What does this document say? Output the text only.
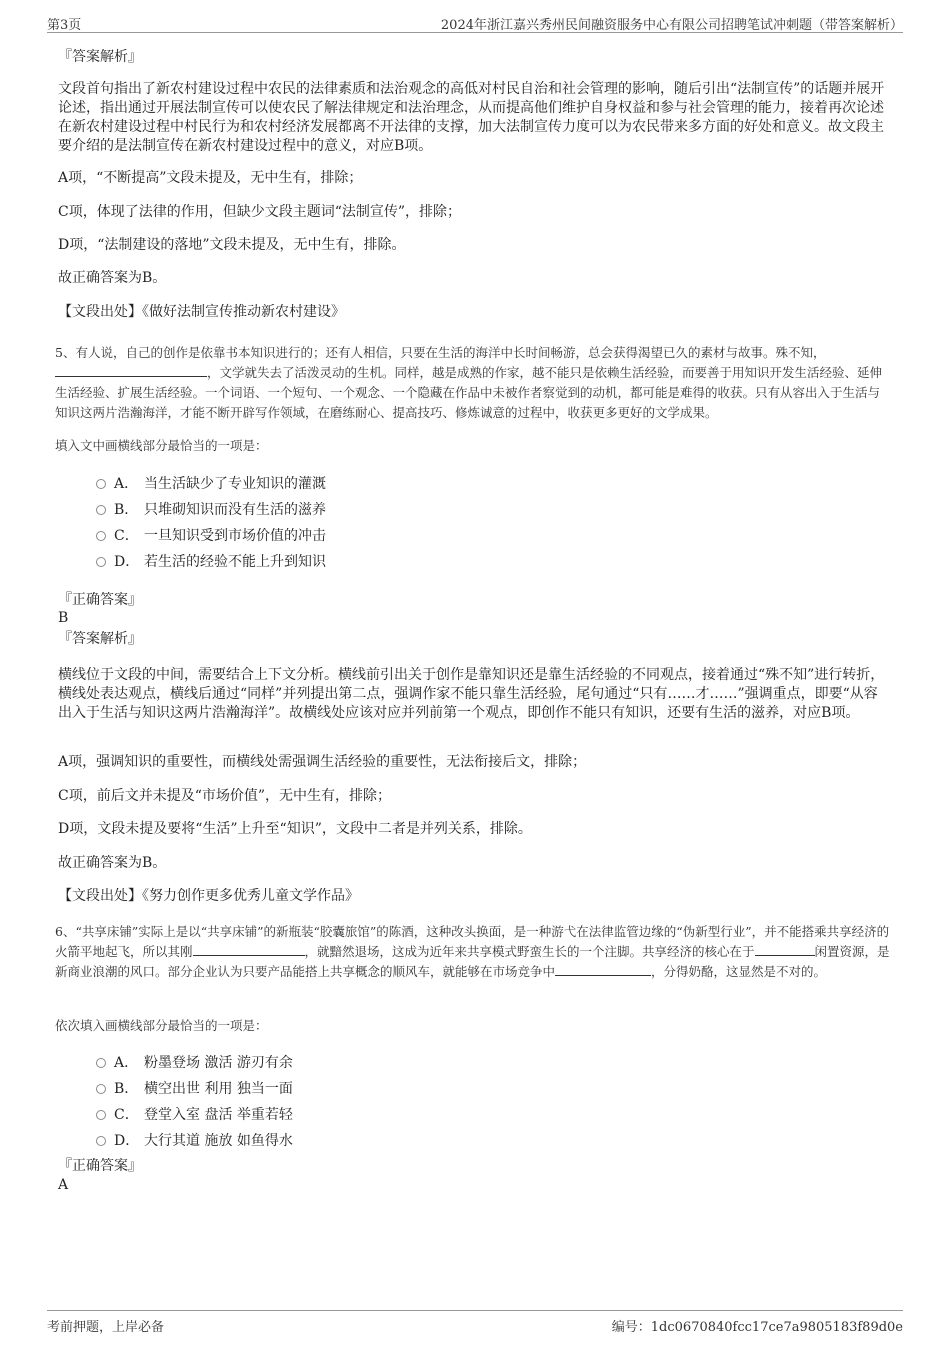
第3页	2024年浙江嘉兴秀州民间融资服务中心有限公司招聘笔试冲刺题（带答案解析）
『答案解析』
文段首句指出了新农村建设过程中农民的法律素质和法治观念的高低对村民自治和社会管理的影响，随后引出“法制宣传”的话题并展开论述，指出通过开展法制宣传可以使农民了解法律规定和法治理念，从而提高他们维护自身权益和参与社会管理的能力，接着再次论述在新农村建设过程中村民行为和农村经济发展都离不开法律的支撑，加大法制宣传力度可以为农民带来多方面的好处和意义。故文段主要介绍的是法制宣传在新农村建设过程中的意义，对应B项。
A项，“不断提高”文段未提及，无中生有，排除；
C项，体现了法律的作用，但缺少文段主题词“法制宣传”，排除；
D项，“法制建设的落地”文段未提及，无中生有，排除。
故正确答案为B。
【文段出处】《做好法制宣传推动新农村建设》
5、有人说，自己的创作是依靠书本知识进行的；还有人相信，只要在生活的海洋中长时间畅游，总会获得渴望已久的素材与故事。殊不知，，文学就失去了活泼灵动的生机。同样，越是成熟的作家，越不能只是依赖生活经验，而要善于用知识开发生活经验、延伸生活经验、扩展生活经验。一个词语、一个短句、一个观念、一个隐藏在作品中未被作者察觉到的动机，都可能是难得的收获。只有从容出入于生活与知识这两片浩瀚海洋，才能不断开辟写作领域，在磨练耐心、提高技巧、修炼诚意的过程中，收获更多更好的文学成果。
填入文中画横线部分最恰当的一项是：
A． 当生活缺少了专业知识的灌溉
B． 只堆砌知识而没有生活的滋养
C． 一旦知识受到市场价值的冲击
D． 若生活的经验不能上升到知识
『正确答案』
B
『答案解析』
横线位于文段的中间，需要结合上下文分析。横线前引出关于创作是靠知识还是靠生活经验的不同观点，接着通过“殊不知”进行转折，横线处表达观点，横线后通过“同样”并列提出第二点，强调作家不能只靠生活经验，尾句通过“只有……才……”强调重点，即要“从容出入于生活与知识这两片浩瀚海洋”。故横线处应该对应并列前第一个观点，即创作不能只有知识，还要有生活的滋养，对应B项。
A项，强调知识的重要性，而横线处需强调生活经验的重要性，无法衔接后文，排除；
C项，前后文并未提及“市场价值”，无中生有，排除；
D项，文段未提及要将“生活”上升至“知识”，文段中二者是并列关系，排除。
故正确答案为B。
【文段出处】《努力创作更多优秀儿童文学作品》
6、“共享床铺”实际上是以“共享床铺”的新瓶装“胶囊旅馆”的陈酒，这种改头换面，是一种游弋在法律监管边缘的“伪新型行业”，并不能搭乘共享经济的火箭平地起飞，所以其刚	，就黯然退场，这成为近年来共享模式野蛮生长的一个注脚。共享经济的核心在于	闲置资源，是新商业浪潮的风口。部分企业认为只要产品能搭上共享概念的顺风车，就能够在市场竞争中	，分得奶酪，这显然是不对的。
依次填入画横线部分最恰当的一项是：
A． 粉墨登场 激活 游刃有余
B． 横空出世 利用 独当一面
C． 登堂入室 盘活 举重若轻
D． 大行其道 施放 如鱼得水
『正确答案』
A
考前押题，上岸必备	编号：1dc0670840fcc17ce7a9805183f89d0e
